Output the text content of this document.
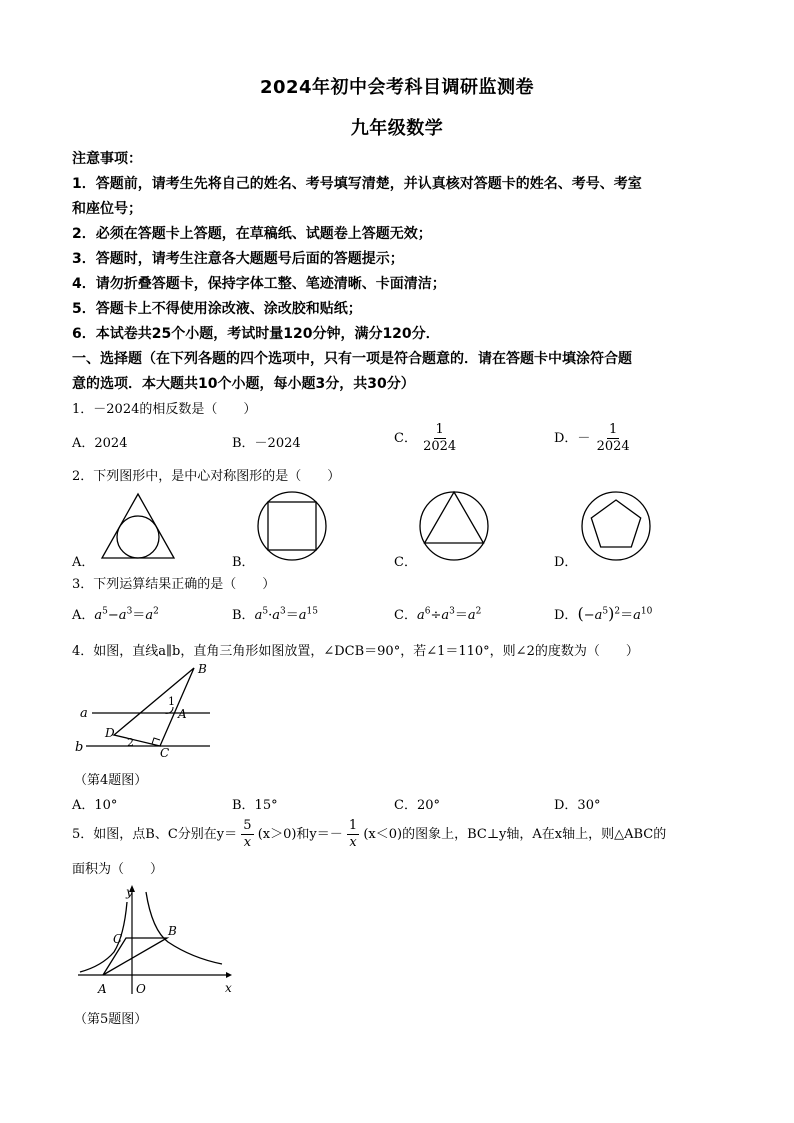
2024年初中会考科目调研监测卷
九年级数学
注意事项：
1．答题前，请考生先将自己的姓名、考号填写清楚，并认真核对答题卡的姓名、考号、考室
和座位号；
2．必须在答题卡上答题，在草稿纸、试题卷上答题无效；
3．答题时，请考生注意各大题题号后面的答题提示；
4．请勿折叠答题卡，保持字体工整、笔迹清晰、卡面清洁；
5．答题卡上不得使用涂改液、涂改胶和贴纸；
6．本试卷共25个小题，考试时量120分钟，满分120分．
一、选择题（在下列各题的四个选项中，只有一项是符合题意的．请在答题卡中填涂符合题
意的选项．本大题共10个小题，每小题3分，共30分）
1．－2024的相反数是（　　）
A．2024	B．－2024	C． $\frac{1}{2024}$	D．－ $\frac{1}{2024}$
2．下列图形中，是中心对称图形的是（　　）
A．	B．	C．	D．
3．下列运算结果正确的是（　　）
A．$a^5-a^3=a^2$	B．$a^5\cdot a^3=a^{15}$	C．$a^6\div a^3=a^2$	D．$(-a^5)^2=a^{10}$
4．如图，直线a∥b，直角三角形如图放置，∠DCB＝90°，若∠1＝110°，则∠2的度数为（　　）
a
b
B
A
D
C
1
2
（第4题图）
A．10°	B．15°	C．20°	D．30°
5．如图，点B、C分别在$y= \frac{5}{x} (x>0)$和$y=- \frac{1}{x} (x<0)$的图象上，BC⊥y轴，A在x轴上，则△ABC的
面积为（　　）
y
x
O
A
B
C
（第5题图）
